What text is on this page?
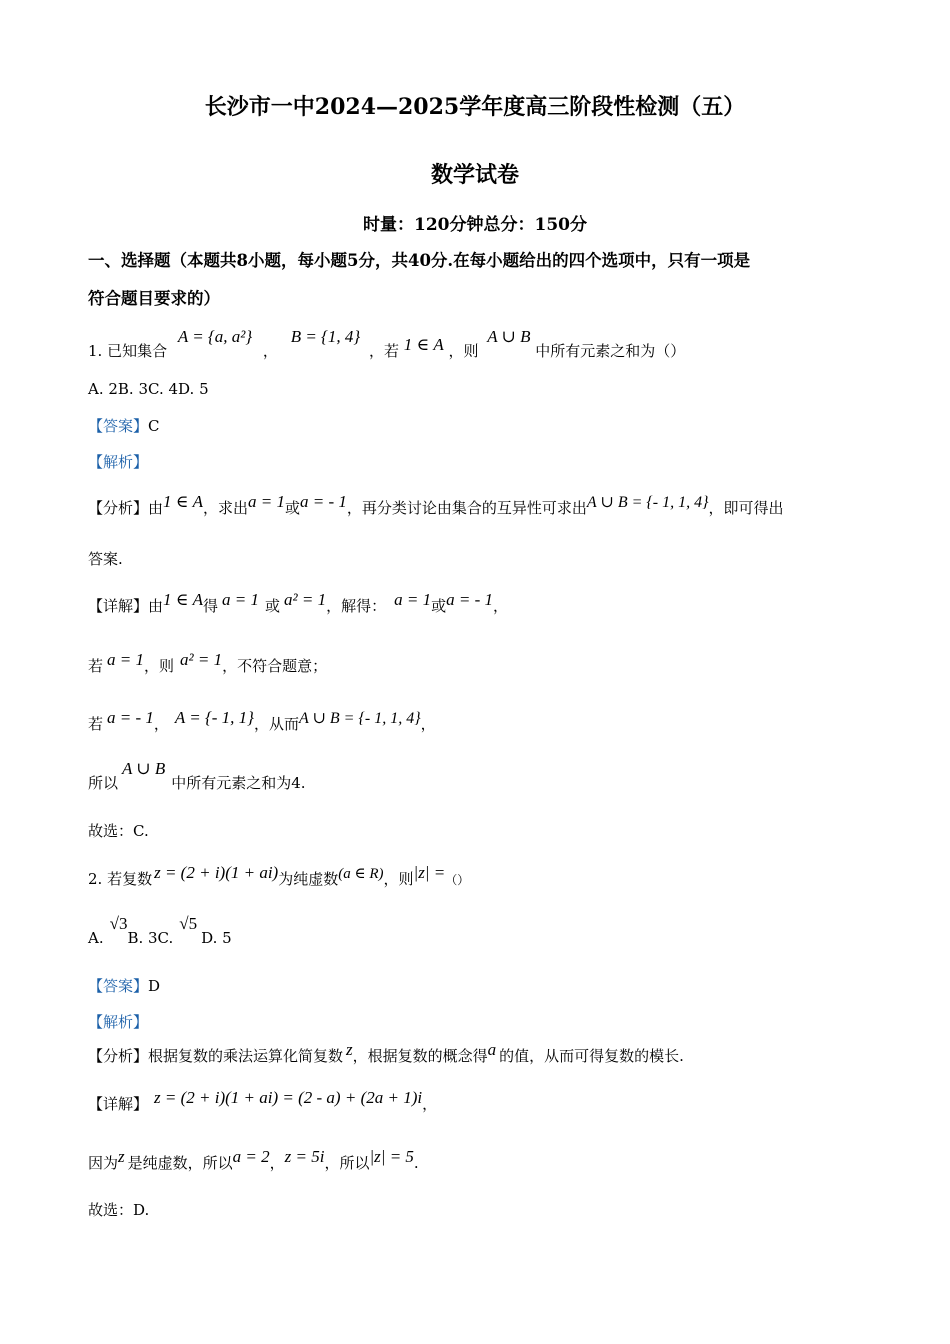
长沙市一中2024—2025学年度高三阶段性检测（五）
数学试卷
时量：120分钟总分：150分
一、选择题（本题共8小题，每小题5分，共40分.在每小题给出的四个选项中，只有一项是
符合题目要求的）
1. 已知集合 A = {a, a²} ， B = {1, 4} ，若 1 ∈ A ，则 A ∪ B 中所有元素之和为（）
A. 2B. 3C. 4D. 5
【答案】C
【解析】
【分析】由1 ∈ A，求出a = 1或a = - 1，再分类讨论由集合的互异性可求出A ∪ B = {- 1, 1, 4}，即可得出
答案.
【详解】由1 ∈ A得 a = 1 或 a² = 1，解得： a = 1或a = - 1，
若 a = 1，则 a² = 1，不符合题意；
若 a = - 1， A = {- 1, 1}，从而A ∪ B = {- 1, 1, 4}，
所以A ∪ B中所有元素之和为4.
故选：C.
2. 若复数 z = (2 + i)(1 + ai)为纯虚数(a ∈ R)，则|z| =（）
A.√3B. 3C.√5D. 5
【答案】D
【解析】
【分析】根据复数的乘法运算化简复数 z，根据复数的概念得a 的值，从而可得复数的模长.
【详解】 z = (2 + i)(1 + ai) = (2 - a) + (2a + 1)i，
因为z 是纯虚数，所以a = 2，z = 5i，所以|z| = 5.
故选：D.
